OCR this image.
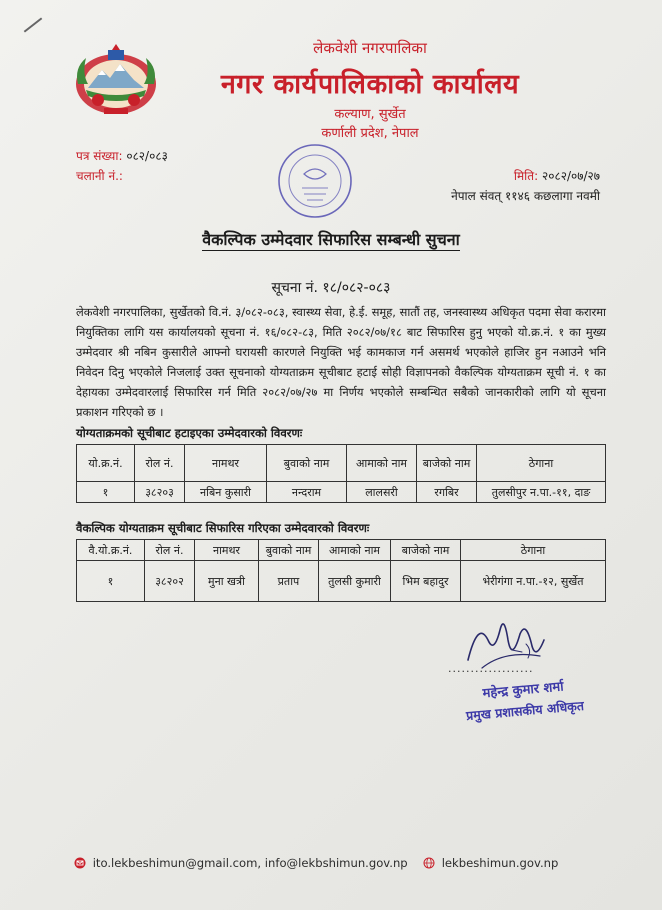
लेकवेशी नगरपालिका
नगर कार्यपालिकाको कार्यालय
कल्याण, सुर्खेत
कर्णाली प्रदेश, नेपाल
पत्र संख्या: ०८२/०८३
चलानी नं.:	मिति: २०८२/०७/२७
नेपाल संवत् ११४६ कछलागा नवमी
वैकल्पिक उम्मेदवार सिफारिस सम्बन्धी सुचना
सूचना नं. १८/०८२-०८३
लेकवेशी नगरपालिका, सुर्खेतको वि.नं. ३/०८२-०८३, स्वास्थ्य सेवा, हे.ई. समूह, सातौं तह, जनस्वास्थ्य अधिकृत पदमा सेवा करारमा नियुक्तिका लागि यस कार्यालयको सूचना नं. १६/०८२-८३, मिति २०८२/०७/१८ बाट सिफारिस हुनु भएको यो.क्र.नं. १ का मुख्य उम्मेदवार श्री नबिन कुसारीले आफ्नो घरायसी कारणले नियुक्ति भई कामकाज गर्न असमर्थ भएकोले हाजिर हुन नआउने भनि निवेदन दिनु भएकोले निजलाई उक्त सूचनाको योग्यताक्रम सूचीबाट हटाई सोही विज्ञापनको वैकल्पिक योग्यताक्रम सूची नं. १ का देहायका उम्मेदवारलाई सिफारिस गर्न मिति २०८२/०७/२७ मा निर्णय भएकोले सम्बन्धित सबैको जानकारीको लागि यो सूचना प्रकाशन गरिएको छ ।
योग्यताक्रमको सूचीबाट हटाइएका उम्मेदवारको विवरणः
यो.क्र.नं.	रोल नं.	नामथर	बुवाको नाम	आमाको नाम	बाजेको नाम	ठेगाना
१	३८२०३	नबिन कुसारी	नन्दराम	लालसरी	रगबिर	तुलसीपुर न.पा.-११, दाङ
वैकल्पिक योग्यताक्रम सूचीबाट सिफारिस गरिएका उम्मेदवारको विवरणः
वै.यो.क्र.नं.	रोल नं.	नामथर	बुवाको नाम	आमाको नाम	बाजेको नाम	ठेगाना
१	३८२०२	मुना खत्री	प्रताप	तुलसी कुमारी	भिम बहादुर	भेरीगंगा न.पा.-१२, सुर्खेत
...................
महेन्द्र कुमार शर्मा
प्रमुख प्रशासकीय अधिकृत
ito.lekbeshimun@gmail.com, info@lekbshimun.gov.np	lekbeshimun.gov.np
